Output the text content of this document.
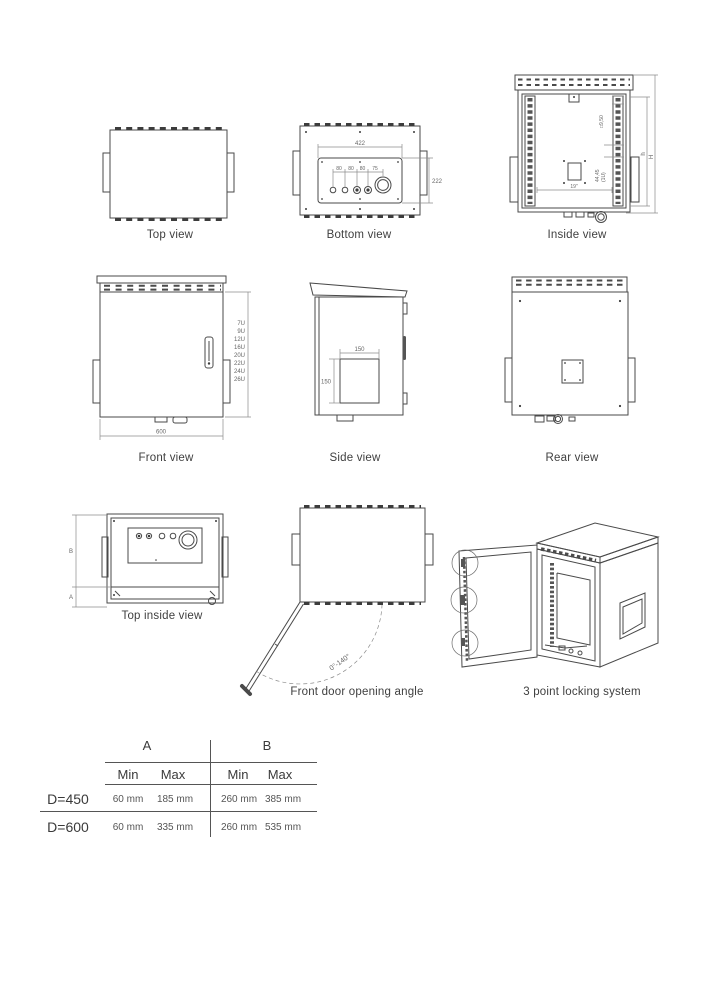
Top view
422
222
80 80 80 75
Bottom view
□9,50
44,45 (1U)
19"
h
H
Inside view
600
7U
9U
12U
16U
20U
22U
24U
26U
Front view
150
150
Side view	Rear view
B
A
Top inside view
0°-140°
Front door opening angle	3 point locking system
A	B
Min Max	Min Max
D=450 60 mm 185 mm	260 mm 385 mm
D=600 60 mm 335 mm	260 mm 535 mm
